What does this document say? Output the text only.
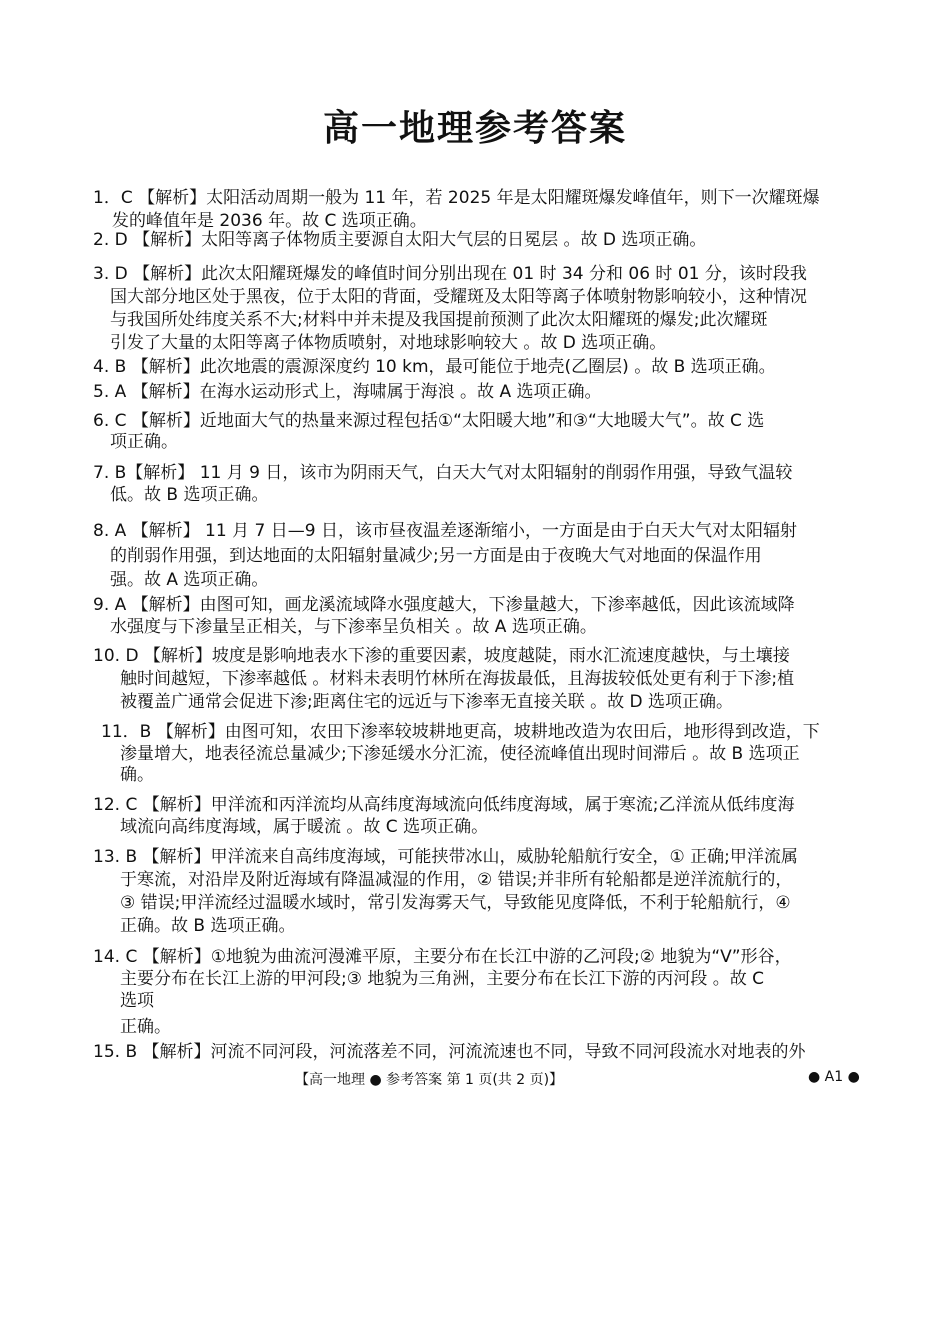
高一地理参考答案
1．C 【解析】太阳活动周期一般为 11 年，若 2025 年是太阳耀斑爆发峰值年，则下一次耀斑爆
发的峰值年是 2036 年。故 C 选项正确。
2. D 【解析】太阳等离子体物质主要源自太阳大气层的日冕层 。故 D 选项正确。
3. D 【解析】此次太阳耀斑爆发的峰值时间分别出现在 01 时 34 分和 06 时 01 分，该时段我
国大部分地区处于黑夜，位于太阳的背面，受耀斑及太阳等离子体喷射物影响较小，这种情况
与我国所处纬度关系不大;材料中并未提及我国提前预测了此次太阳耀斑的爆发;此次耀斑
引发了大量的太阳等离子体物质喷射，对地球影响较大 。故 D 选项正确。
4. B 【解析】此次地震的震源深度约 10 km，最可能位于地壳(乙圈层) 。故 B 选项正确。
5. A 【解析】在海水运动形式上，海啸属于海浪 。故 A 选项正确。
6. C 【解析】近地面大气的热量来源过程包括①“太阳暖大地”和③“大地暖大气”。故 C 选
项正确。
7. B【解析】 11 月 9 日，该市为阴雨天气，白天大气对太阳辐射的削弱作用强，导致气温较
低。故 B 选项正确。
8. A 【解析】 11 月 7 日—9 日，该市昼夜温差逐渐缩小，一方面是由于白天大气对太阳辐射
的削弱作用强，到达地面的太阳辐射量减少;另一方面是由于夜晚大气对地面的保温作用
强。故 A 选项正确。
9. A 【解析】由图可知，画龙溪流域降水强度越大，下渗量越大，下渗率越低，因此该流域降
水强度与下渗量呈正相关，与下渗率呈负相关 。故 A 选项正确。
10. D 【解析】坡度是影响地表水下渗的重要因素，坡度越陡，雨水汇流速度越快，与土壤接
触时间越短，下渗率越低 。材料未表明竹林所在海拔最低，且海拔较低处更有利于下渗;植
被覆盖广通常会促进下渗;距离住宅的远近与下渗率无直接关联 。故 D 选项正确。
11．B 【解析】由图可知，农田下渗率较坡耕地更高，坡耕地改造为农田后，地形得到改造，下
渗量增大，地表径流总量减少;下渗延缓水分汇流，使径流峰值出现时间滞后 。故 B 选项正
确。
12. C 【解析】甲洋流和丙洋流均从高纬度海域流向低纬度海域，属于寒流;乙洋流从低纬度海
域流向高纬度海域，属于暖流 。故 C 选项正确。
13. B 【解析】甲洋流来自高纬度海域，可能挟带冰山，威胁轮船航行安全，① 正确;甲洋流属
于寒流，对沿岸及附近海域有降温减湿的作用，② 错误;并非所有轮船都是逆洋流航行的，
③ 错误;甲洋流经过温暖水域时，常引发海雾天气，导致能见度降低，不利于轮船航行，④
正确。故 B 选项正确。
14. C 【解析】①地貌为曲流河漫滩平原，主要分布在长江中游的乙河段;② 地貌为“V”形谷，
主要分布在长江上游的甲河段;③ 地貌为三角洲，主要分布在长江下游的丙河段 。故 C
选项
正确。
15. B 【解析】河流不同河段，河流落差不同，河流流速也不同，导致不同河段流水对地表的外
【高一地理 ● 参考答案 第 1 页(共 2 页)】	● A1 ●
